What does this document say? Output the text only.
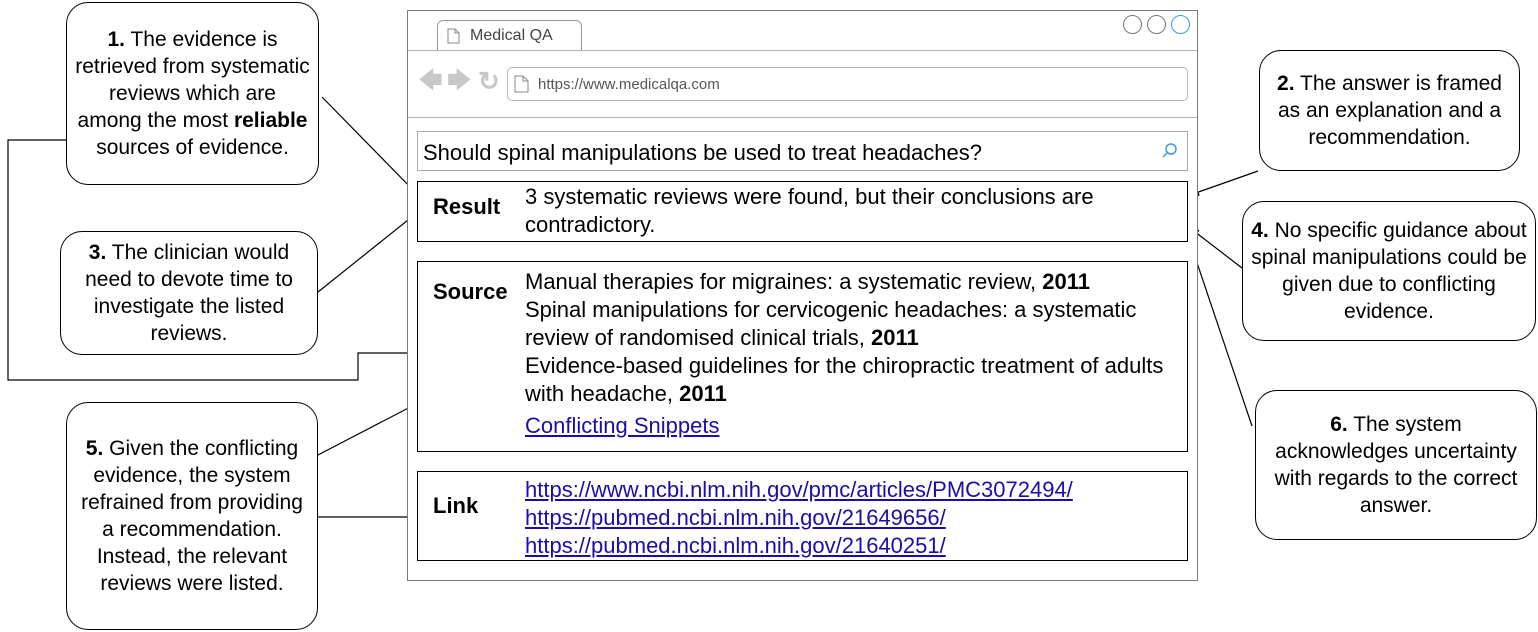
1. The evidence is retrieved from systematic reviews which are among the most reliable sources of evidence.
2. The answer is framed as an explanation and a recommendation.
3. The clinician would need to devote time to investigate the listed reviews.
4. No specific guidance about spinal manipulations could be given due to conflicting evidence.
5. Given the conflicting evidence, the system refrained from providing a recommendation. Instead, the relevant reviews were listed.
6. The system acknowledges uncertainty with regards to the correct answer.
Medical QA
🡄 🡆 ↻	https://www.medicalqa.com
Should spinal manipulations be used to treat headaches?
Result 3 systematic reviews were found, but their conclusions are contradictory.
Source Manual therapies for migraines: a systematic review, 2011
Spinal manipulations for cervicogenic headaches: a systematic review of randomised clinical trials, 2011
Evidence-based guidelines for the chiropractic treatment of adults with headache, 2011
Conflicting Snippets
Link
https://www.ncbi.nlm.nih.gov/pmc/articles/PMC3072494/
https://pubmed.ncbi.nlm.nih.gov/21649656/
https://pubmed.ncbi.nlm.nih.gov/21640251/
